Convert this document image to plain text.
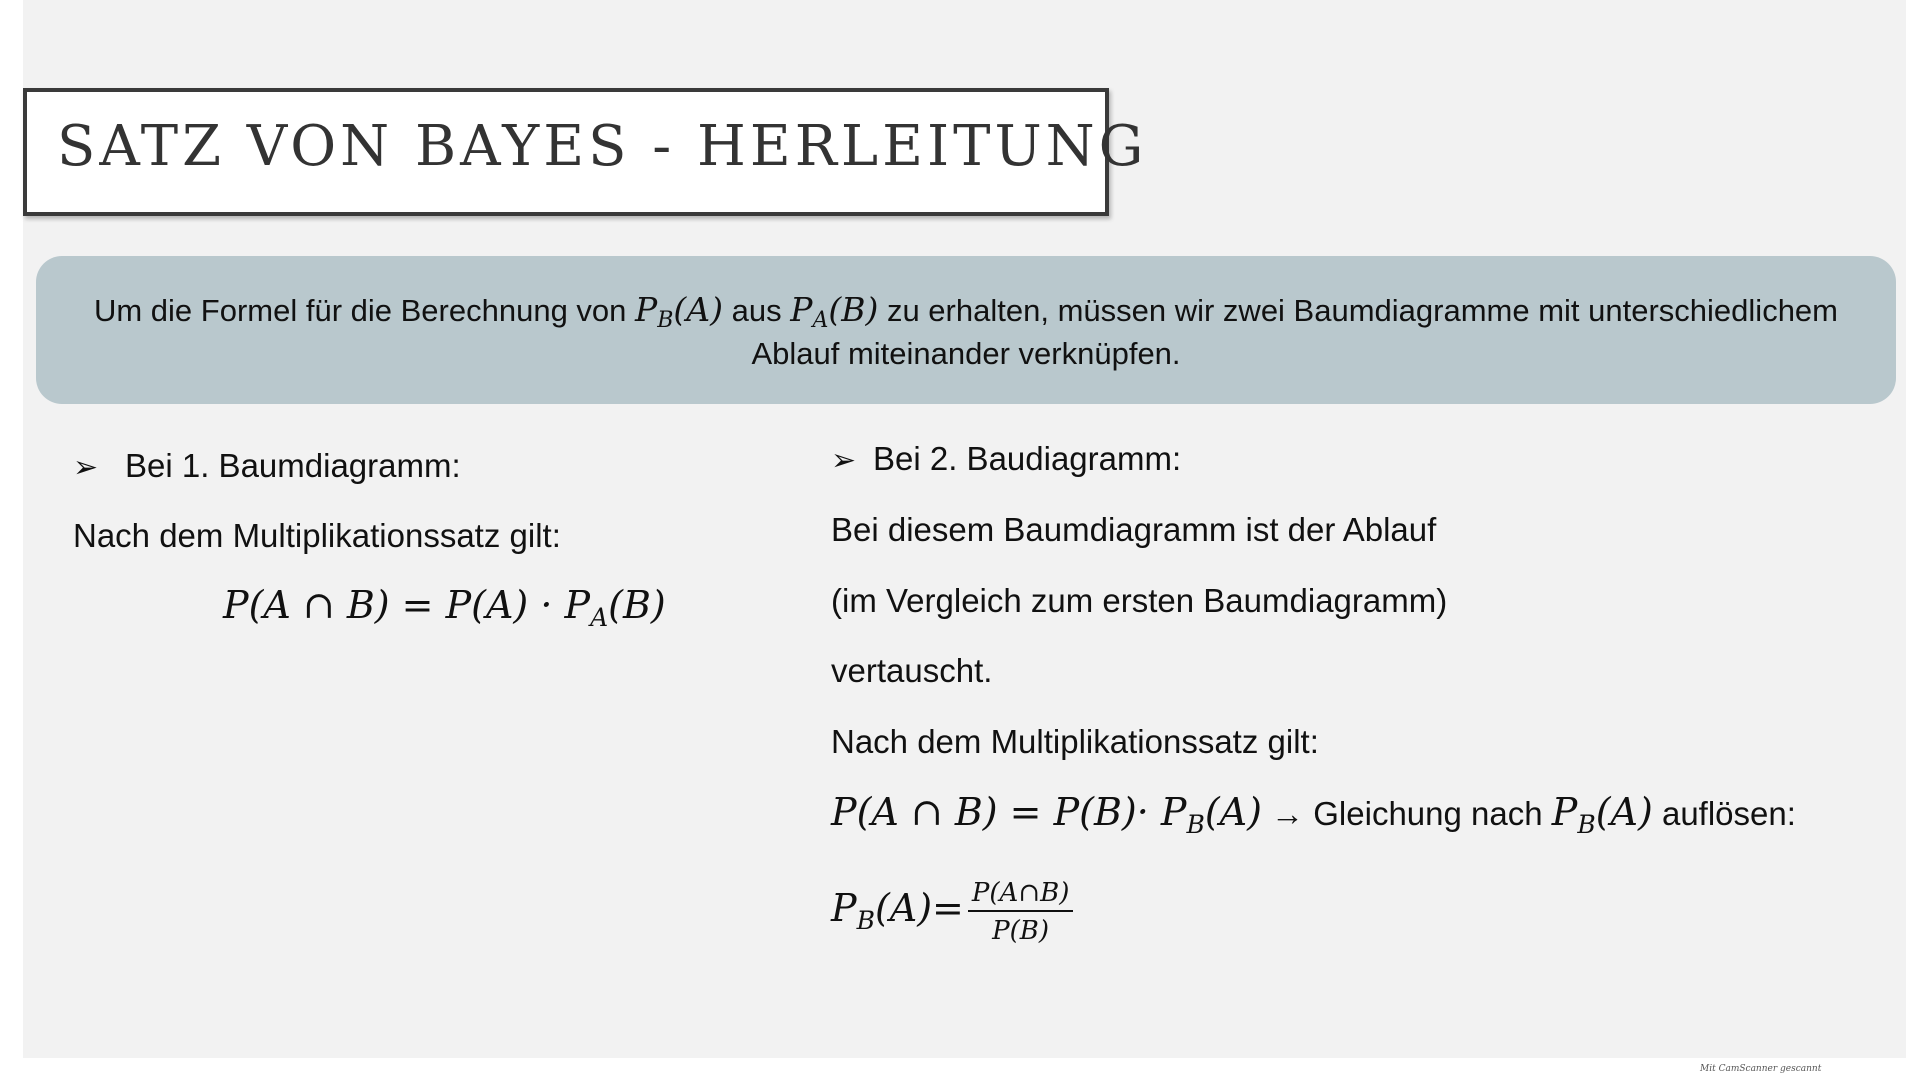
SATZ VON BAYES - HERLEITUNG
Um die Formel für die Berechnung von $P_B(A)$ aus $P_A(B)$ zu erhalten, müssen wir zwei Baumdiagramme mit unterschiedlichem
Ablauf miteinander verknüpfen.
➢ Bei 1. Baumdiagramm:
Nach dem Multiplikationssatz gilt:
P(A ∩ $B) = P(A) \cdot P_A(B)$
➢ Bei 2. Baudiagramm:
Bei diesem Baumdiagramm ist der Ablauf
(im Vergleich zum ersten Baumdiagramm)
vertauscht.
Nach dem Multiplikationssatz gilt:
P(A ∩ $B) = P(B)\cdot P_B(A)$ → Gleichung nach $P_B(A)$ auflösen:
$P_B(A)= \frac{P(A\cap B)}{P(B)}$
Mit CamScanner gescannt
